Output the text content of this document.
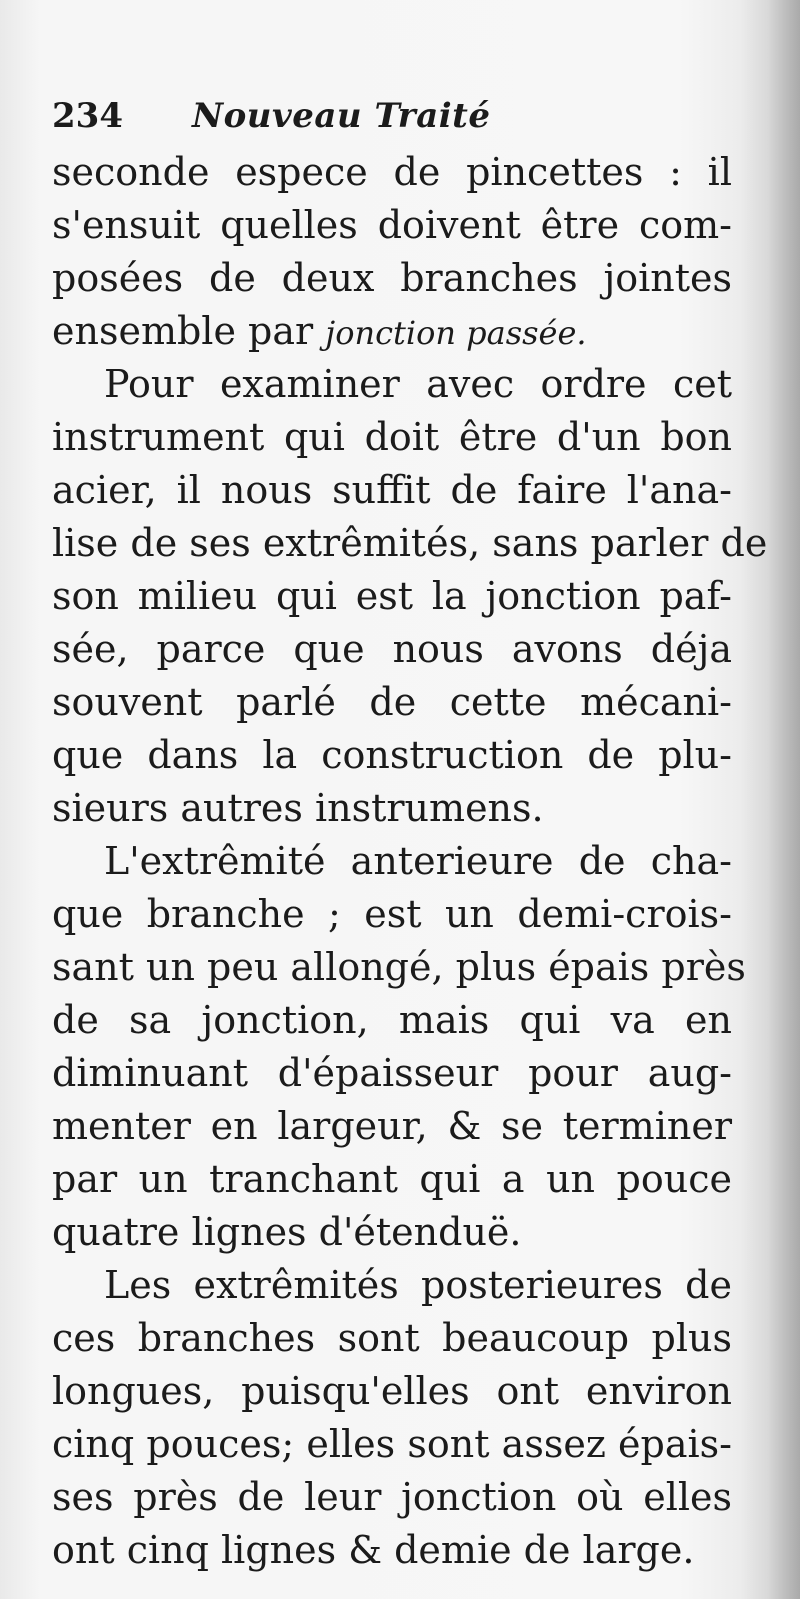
234	Nouveau Traité
seconde espece de pincettes : il
s'ensuit quelles doivent être com-
posées de deux branches jointes
ensemble par jonction passée.
Pour examiner avec ordre cet
instrument qui doit être d'un bon
acier, il nous suffit de faire l'ana-
lise de ses extrêmités, sans parler de
son milieu qui est la jonction paf-
sée, parce que nous avons déja
souvent parlé de cette mécani-
que dans la construction de plu-
sieurs autres instrumens.
L'extrêmité anterieure de cha-
que branche ; est un demi-crois-
sant un peu allongé, plus épais près
de sa jonction, mais qui va en
diminuant d'épaisseur pour aug-
menter en largeur, & se terminer
par un tranchant qui a un pouce
quatre lignes d'étenduë.
Les extrêmités posterieures de
ces branches sont beaucoup plus
longues, puisqu'elles ont environ
cinq pouces; elles sont assez épais-
ses près de leur jonction où elles
ont cinq lignes & demie de large.
